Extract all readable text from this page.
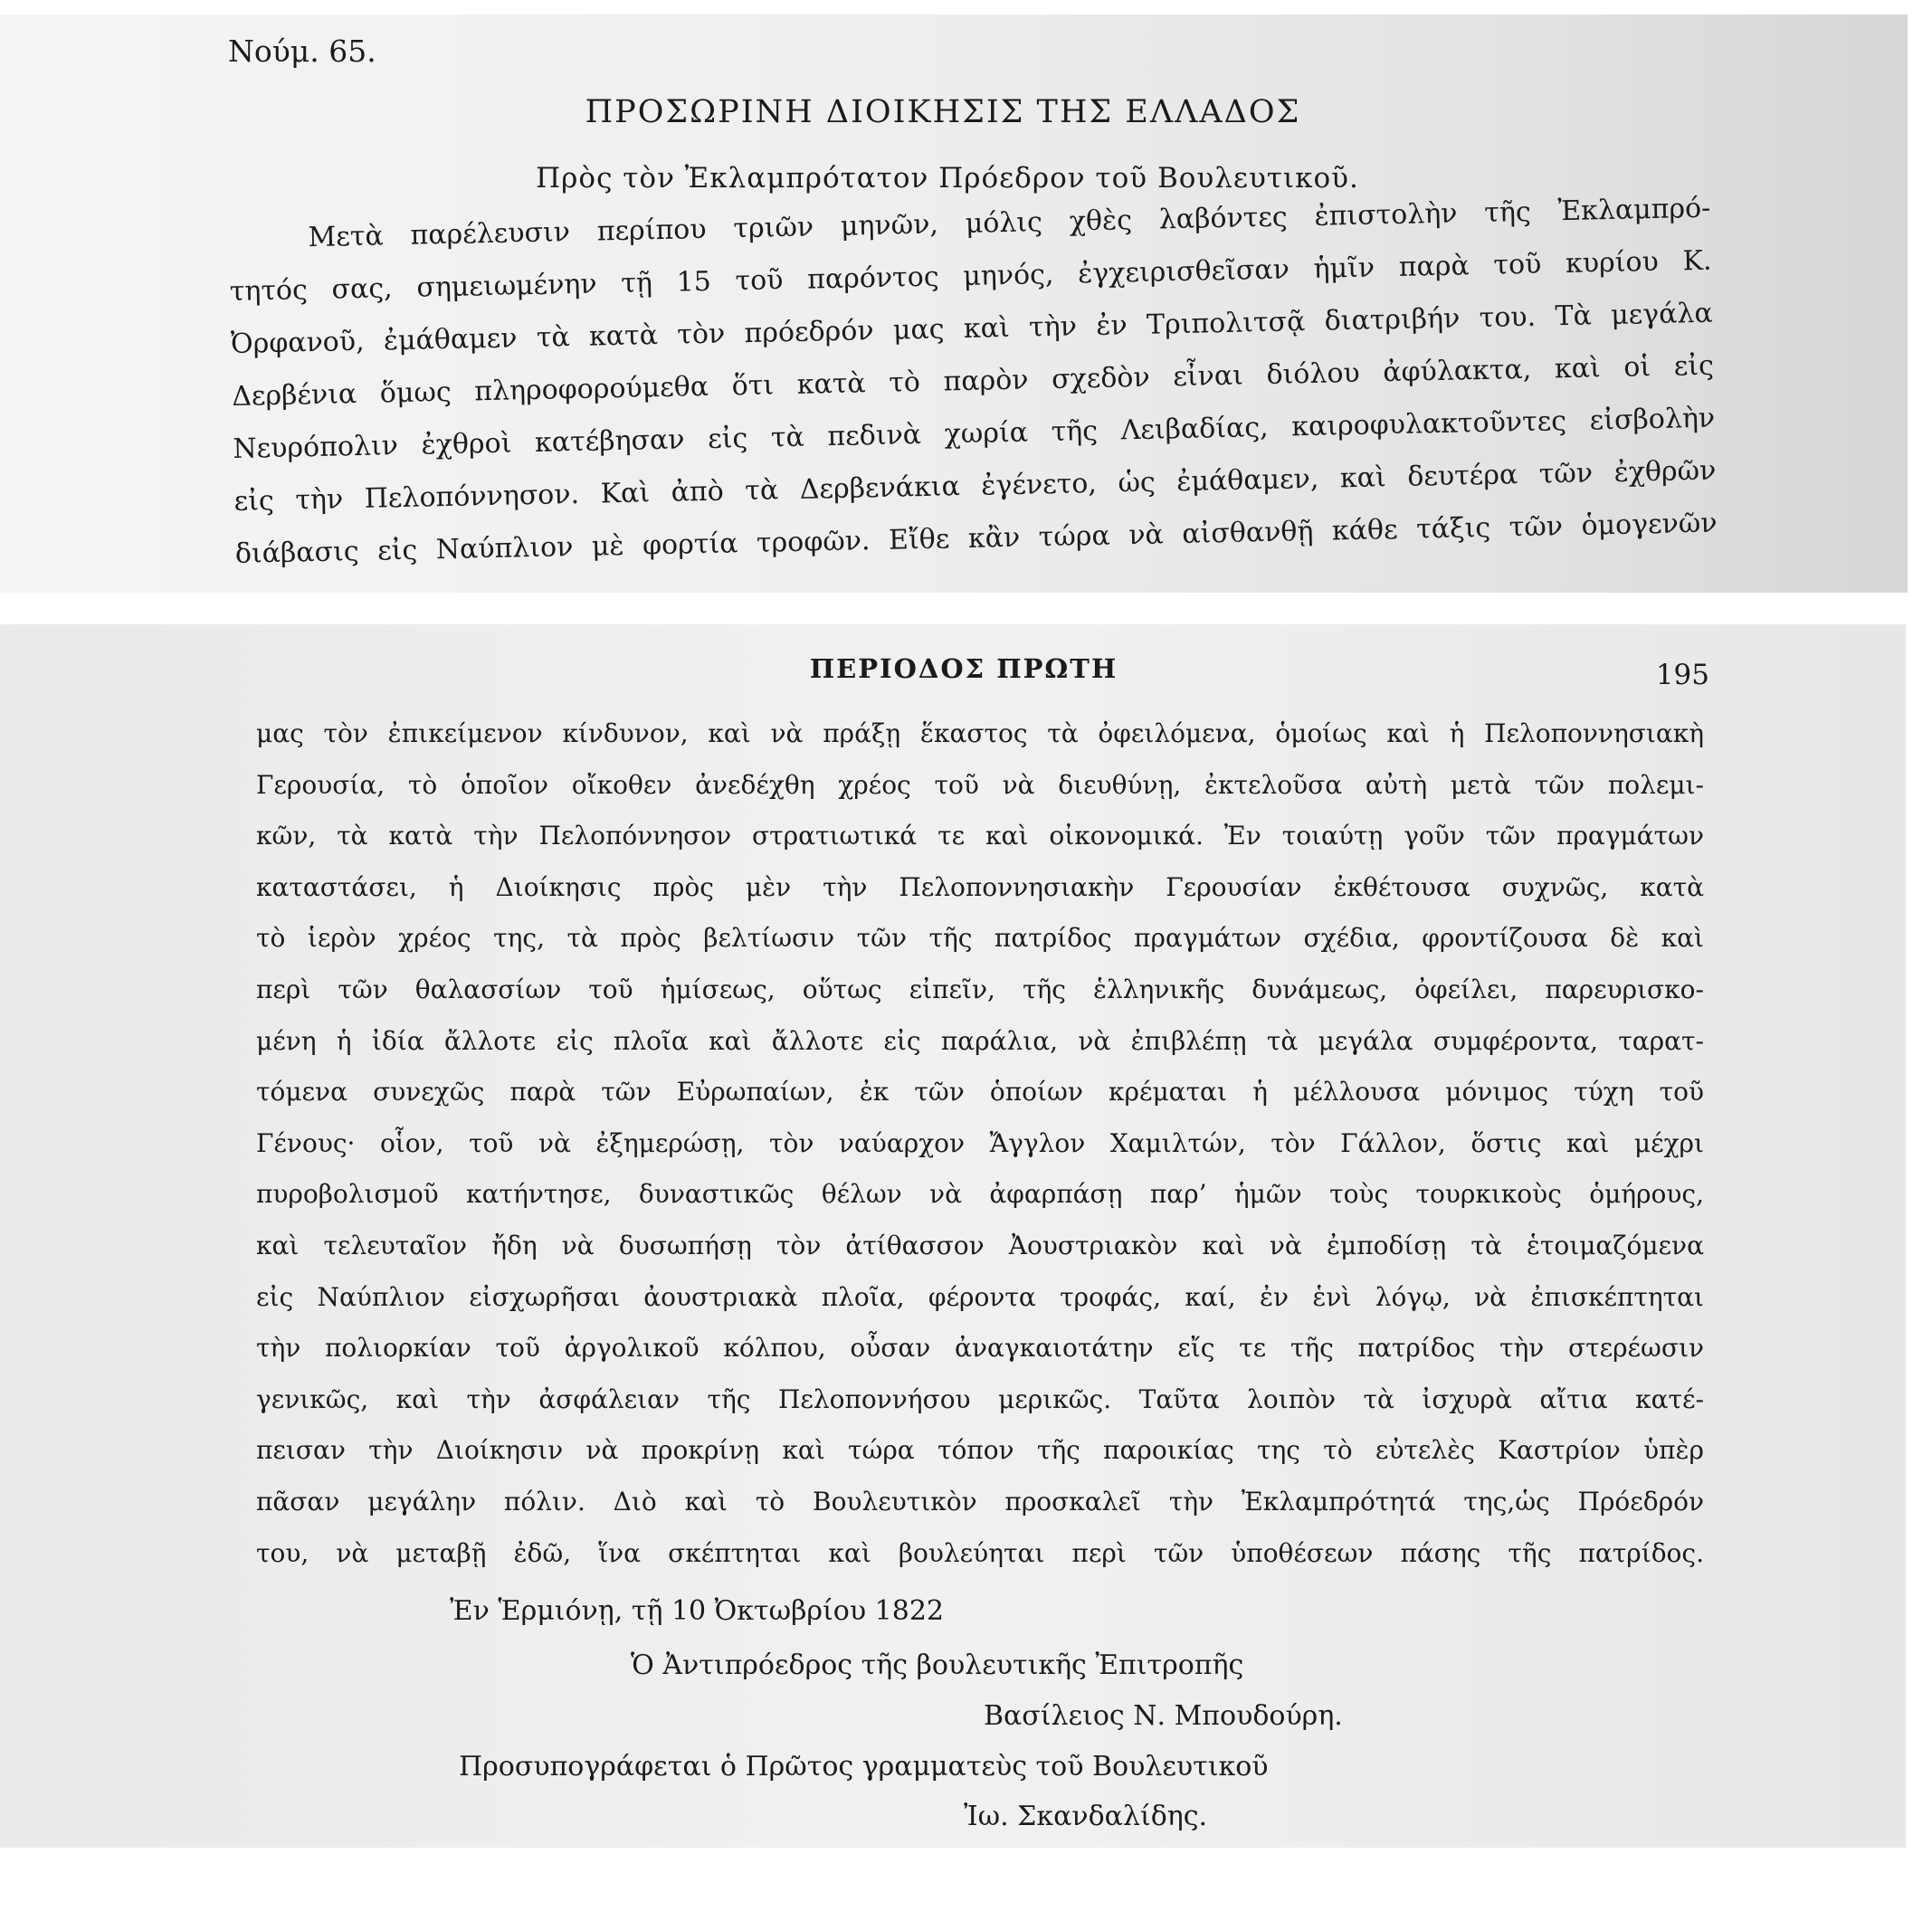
Νούμ. 65.
ΠΡΟΣΩΡΙΝΗ ΔΙΟΙΚΗΣΙΣ ΤΗΣ ΕΛΛΑΔΟΣ
Πρὸς τὸν Ἐκλαμπρότατον Πρόεδρον τοῦ Βουλευτικοῦ.
Μετὰ παρέλευσιν περίπου τριῶν μηνῶν, μόλις χθὲς λαβόντες ἐπιστολὴν τῆς Ἐκλαμπρό-
τητός σας, σημειωμένην τῇ 15 τοῦ παρόντος μηνός, ἐγχειρισθεῖσαν ἡμῖν παρὰ τοῦ κυρίου Κ.
Ὀρφανοῦ, ἐμάθαμεν τὰ κατὰ τὸν πρόεδρόν μας καὶ τὴν ἐν Τριπολιτσᾷ διατριβήν του. Τὰ μεγάλα
Δερβένια ὅμως πληροφορούμεθα ὅτι κατὰ τὸ παρὸν σχεδὸν εἶναι διόλου ἀφύλακτα, καὶ οἱ εἰς
Νευρόπολιν ἐχθροὶ κατέβησαν εἰς τὰ πεδινὰ χωρία τῆς Λειβαδίας, καιροφυλακτοῦντες εἰσβολὴν
εἰς τὴν Πελοπόννησον. Καὶ ἀπὸ τὰ Δερβενάκια ἐγένετο, ὡς ἐμάθαμεν, καὶ δευτέρα τῶν ἐχθρῶν
διάβασις εἰς Ναύπλιον μὲ φορτία τροφῶν. Εἴθε κἂν τώρα νὰ αἰσθανθῇ κάθε τάξις τῶν ὁμογενῶν
ΠΕΡΙΟΔΟΣ ΠΡΩΤΗ	195
μας τὸν ἐπικείμενον κίνδυνον, καὶ νὰ πράξῃ ἕκαστος τὰ ὀφειλόμενα, ὁμοίως καὶ ἡ Πελοποννησιακὴ
Γερουσία, τὸ ὁποῖον οἴκοθεν ἀνεδέχθη χρέος τοῦ νὰ διευθύνῃ, ἐκτελοῦσα αὐτὴ μετὰ τῶν πολεμι-
κῶν, τὰ κατὰ τὴν Πελοπόννησον στρατιωτικά τε καὶ οἰκονομικά. Ἐν τοιαύτῃ γοῦν τῶν πραγμάτων
καταστάσει, ἡ Διοίκησις πρὸς μὲν τὴν Πελοποννησιακὴν Γερουσίαν ἐκθέτουσα συχνῶς, κατὰ
τὸ ἱερὸν χρέος της, τὰ πρὸς βελτίωσιν τῶν τῆς πατρίδος πραγμάτων σχέδια, φροντίζουσα δὲ καὶ
περὶ τῶν θαλασσίων τοῦ ἡμίσεως, οὕτως εἰπεῖν, τῆς ἑλληνικῆς δυνάμεως, ὀφείλει, παρευρισκο-
μένη ἡ ἰδία ἄλλοτε εἰς πλοῖα καὶ ἄλλοτε εἰς παράλια, νὰ ἐπιβλέπῃ τὰ μεγάλα συμφέροντα, ταρατ-
τόμενα συνεχῶς παρὰ τῶν Εὐρωπαίων, ἐκ τῶν ὁποίων κρέμαται ἡ μέλλουσα μόνιμος τύχη τοῦ
Γένους· οἷον, τοῦ νὰ ἐξημερώσῃ, τὸν ναύαρχον Ἄγγλον Χαμιλτών, τὸν Γάλλον, ὅστις καὶ μέχρι
πυροβολισμοῦ κατήντησε, δυναστικῶς θέλων νὰ ἀφαρπάσῃ παρ’ ἡμῶν τοὺς τουρκικοὺς ὁμήρους,
καὶ τελευταῖον ἤδη νὰ δυσωπήσῃ τὸν ἀτίθασσον Ἀουστριακὸν καὶ νὰ ἐμποδίσῃ τὰ ἑτοιμαζόμενα
εἰς Ναύπλιον εἰσχωρῆσαι ἀουστριακὰ πλοῖα, φέροντα τροφάς, καί, ἐν ἑνὶ λόγῳ, νὰ ἐπισκέπτηται
τὴν πολιορκίαν τοῦ ἀργολικοῦ κόλπου, οὖσαν ἀναγκαιοτάτην εἴς τε τῆς πατρίδος τὴν στερέωσιν
γενικῶς, καὶ τὴν ἀσφάλειαν τῆς Πελοποννήσου μερικῶς. Ταῦτα λοιπὸν τὰ ἰσχυρὰ αἴτια κατέ-
πεισαν τὴν Διοίκησιν νὰ προκρίνῃ καὶ τώρα τόπον τῆς παροικίας της τὸ εὐτελὲς Καστρίον ὑπὲρ
πᾶσαν μεγάλην πόλιν. Διὸ καὶ τὸ Βουλευτικὸν προσκαλεῖ τὴν Ἐκλαμπρότητά της,ὡς Πρόεδρόν
του, νὰ μεταβῇ ἐδῶ, ἵνα σκέπτηται καὶ βουλεύηται περὶ τῶν ὑποθέσεων πάσης τῆς πατρίδος.
Ἐν Ἑρμιόνῃ, τῇ 10 Ὀκτωβρίου 1822
Ὁ Ἀντιπρόεδρος τῆς βουλευτικῆς Ἐπιτροπῆς
Βασίλειος Ν. Μπουδούρη.
Προσυπογράφεται ὁ Πρῶτος γραμματεὺς τοῦ Βουλευτικοῦ
Ἰω. Σκανδαλίδης.
